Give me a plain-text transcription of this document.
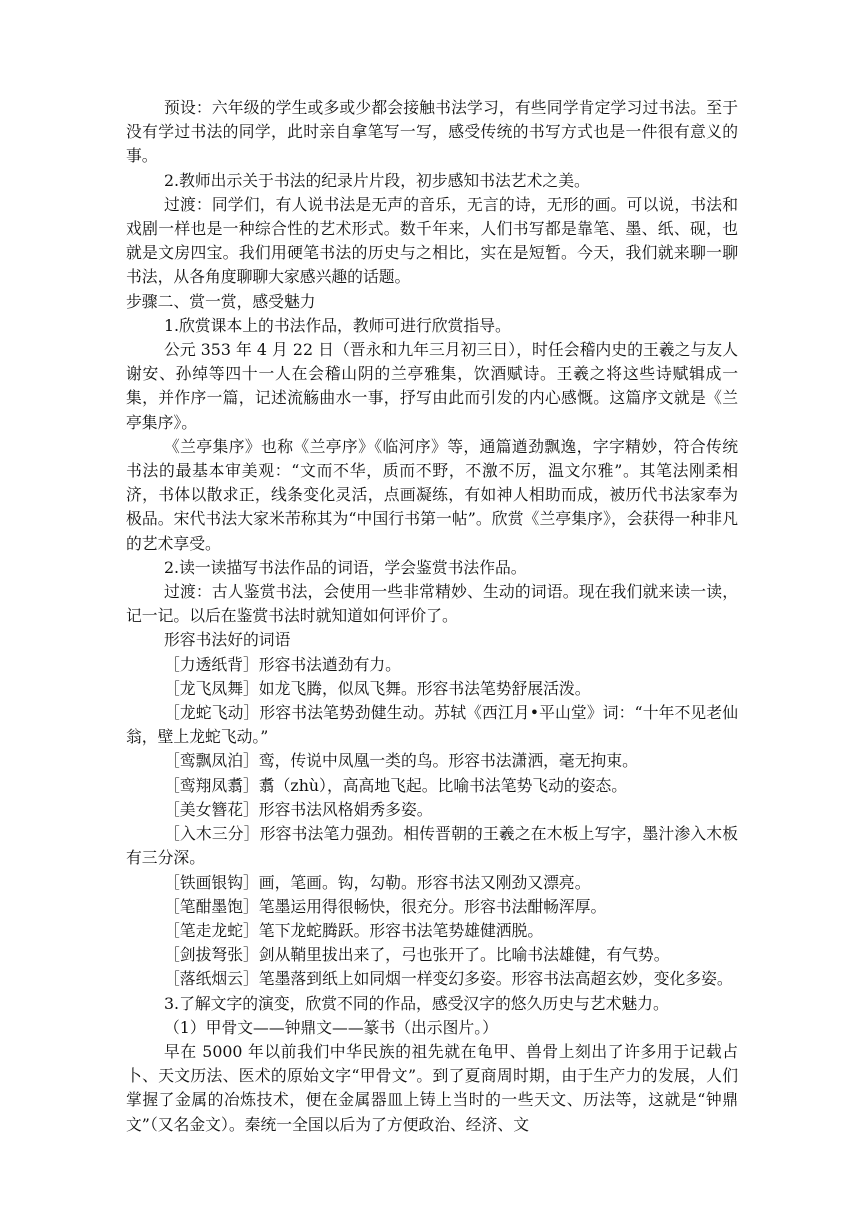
预设：六年级的学生或多或少都会接触书法学习，有些同学肯定学习过书法。至于没有学过书法的同学，此时亲自拿笔写一写，感受传统的书写方式也是一件很有意义的事。

2.教师出示关于书法的纪录片片段，初步感知书法艺术之美。

过渡：同学们，有人说书法是无声的音乐，无言的诗，无形的画。可以说，书法和戏剧一样也是一种综合性的艺术形式。数千年来，人们书写都是靠笔、墨、纸、砚，也就是文房四宝。我们用硬笔书法的历史与之相比，实在是短暂。今天，我们就来聊一聊书法，从各角度聊聊大家感兴趣的话题。

步骤二、赏一赏，感受魅力

1.欣赏课本上的书法作品，教师可进行欣赏指导。

公元 353 年 4 月 22 日（晋永和九年三月初三日），时任会稽内史的王羲之与友人谢安、孙绰等四十一人在会稽山阴的兰亭雅集，饮酒赋诗。王羲之将这些诗赋辑成一集，并作序一篇，记述流觞曲水一事，抒写由此而引发的内心感慨。这篇序文就是《兰亭集序》。

《兰亭集序》也称《兰亭序》《临河序》等，通篇遒劲飘逸，字字精妙，符合传统书法的最基本审美观：“文而不华，质而不野，不激不厉，温文尔雅”。其笔法刚柔相济，书体以散求正，线条变化灵活，点画凝练，有如神人相助而成，被历代书法家奉为极品。宋代书法大家米芾称其为“中国行书第一帖”。欣赏《兰亭集序》，会获得一种非凡的艺术享受。

2.读一读描写书法作品的词语，学会鉴赏书法作品。

过渡：古人鉴赏书法，会使用一些非常精妙、生动的词语。现在我们就来读一读，记一记。以后在鉴赏书法时就知道如何评价了。

形容书法好的词语

［力透纸背］形容书法遒劲有力。

［龙飞凤舞］如龙飞腾，似凤飞舞。形容书法笔势舒展活泼。

［龙蛇飞动］形容书法笔势劲健生动。苏轼《西江月•平山堂》词：“十年不见老仙翁，壁上龙蛇飞动。”

［鸾飘凤泊］鸾，传说中凤凰一类的鸟。形容书法潇洒，毫无拘束。

［鸾翔凤翥］翥（zhù），高高地飞起。比喻书法笔势飞动的姿态。

［美女簪花］形容书法风格娟秀多姿。

［入木三分］形容书法笔力强劲。相传晋朝的王羲之在木板上写字，墨汁渗入木板有三分深。

［铁画银钩］画，笔画。钩，勾勒。形容书法又刚劲又漂亮。

［笔酣墨饱］笔墨运用得很畅快，很充分。形容书法酣畅浑厚。

［笔走龙蛇］笔下龙蛇腾跃。形容书法笔势雄健洒脱。

［剑拔弩张］剑从鞘里拔出来了，弓也张开了。比喻书法雄健，有气势。

［落纸烟云］笔墨落到纸上如同烟一样变幻多姿。形容书法高超玄妙，变化多姿。

3.了解文字的演变，欣赏不同的作品，感受汉字的悠久历史与艺术魅力。

（1）甲骨文——钟鼎文——篆书（出示图片。）

早在 5000 年以前我们中华民族的祖先就在龟甲、兽骨上刻出了许多用于记载占卜、天文历法、医术的原始文字“甲骨文”。到了夏商周时期，由于生产力的发展，人们掌握了金属的冶炼技术，便在金属器皿上铸上当时的一些天文、历法等，这就是“钟鼎文”（又名金文）。秦统一全国以后为了方便政治、经济、文
